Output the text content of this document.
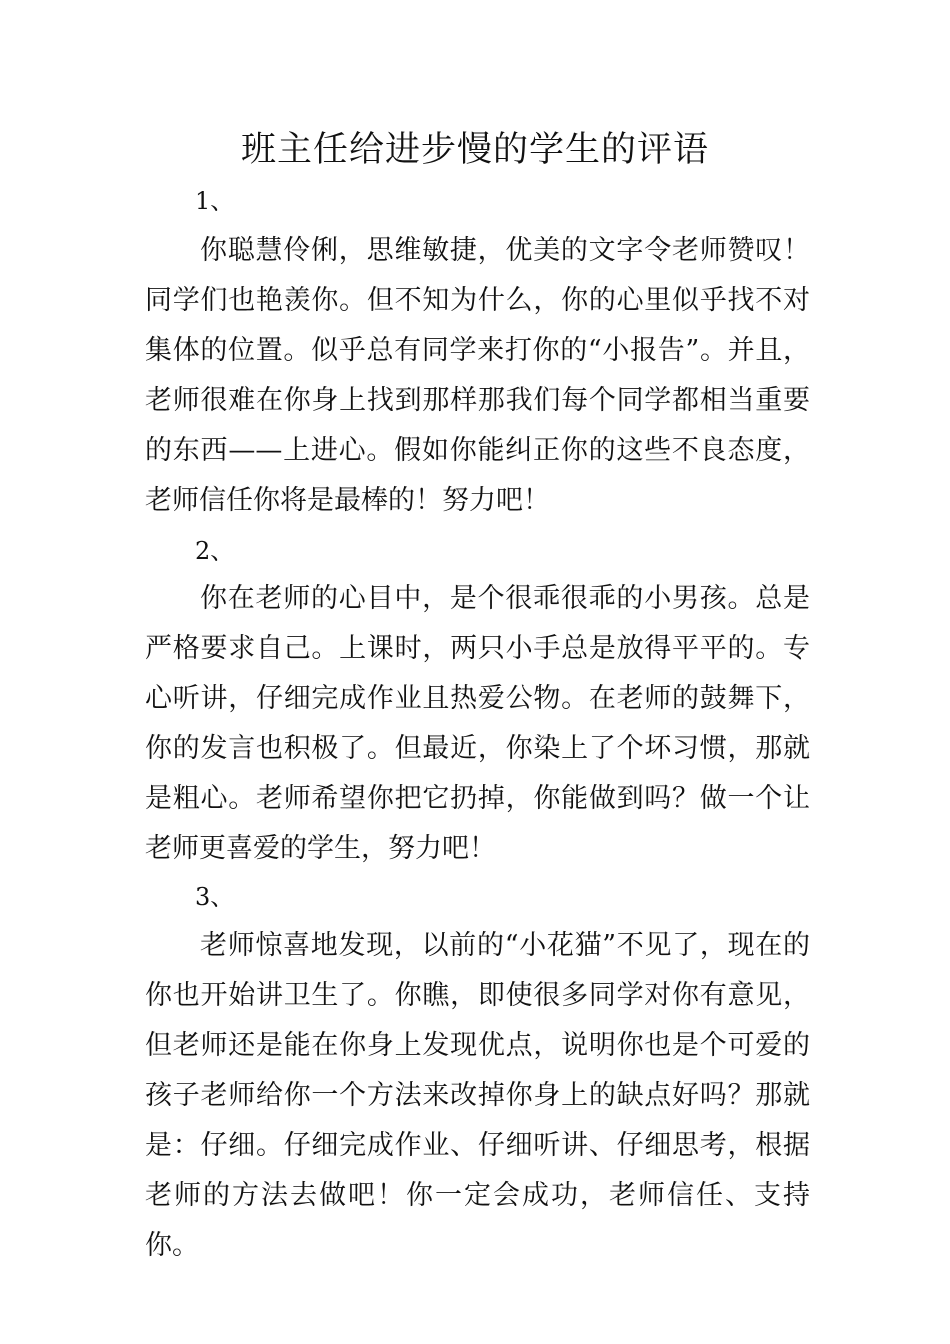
班主任给进步慢的学生的评语
1、

你聪慧伶俐，思维敏捷，优美的文字令老师赞叹！同学们也艳羡你。但不知为什么，你的心里似乎找不对集体的位置。似乎总有同学来打你的“小报告”。并且，老师很难在你身上找到那样那我们每个同学都相当重要的东西——上进心。假如你能纠正你的这些不良态度，老师信任你将是最棒的！努力吧！

2、

你在老师的心目中，是个很乖很乖的小男孩。总是严格要求自己。上课时，两只小手总是放得平平的。专心听讲，仔细完成作业且热爱公物。在老师的鼓舞下，你的发言也积极了。但最近，你染上了个坏习惯，那就是粗心。老师希望你把它扔掉，你能做到吗？做一个让老师更喜爱的学生，努力吧！

3、

老师惊喜地发现，以前的“小花猫”不见了，现在的你也开始讲卫生了。你瞧，即使很多同学对你有意见，但老师还是能在你身上发现优点，说明你也是个可爱的孩子老师给你一个方法来改掉你身上的缺点好吗？那就是：仔细。仔细完成作业、仔细听讲、仔细思考，根据老师的方法去做吧！你一定会成功，老师信任、支持你。
